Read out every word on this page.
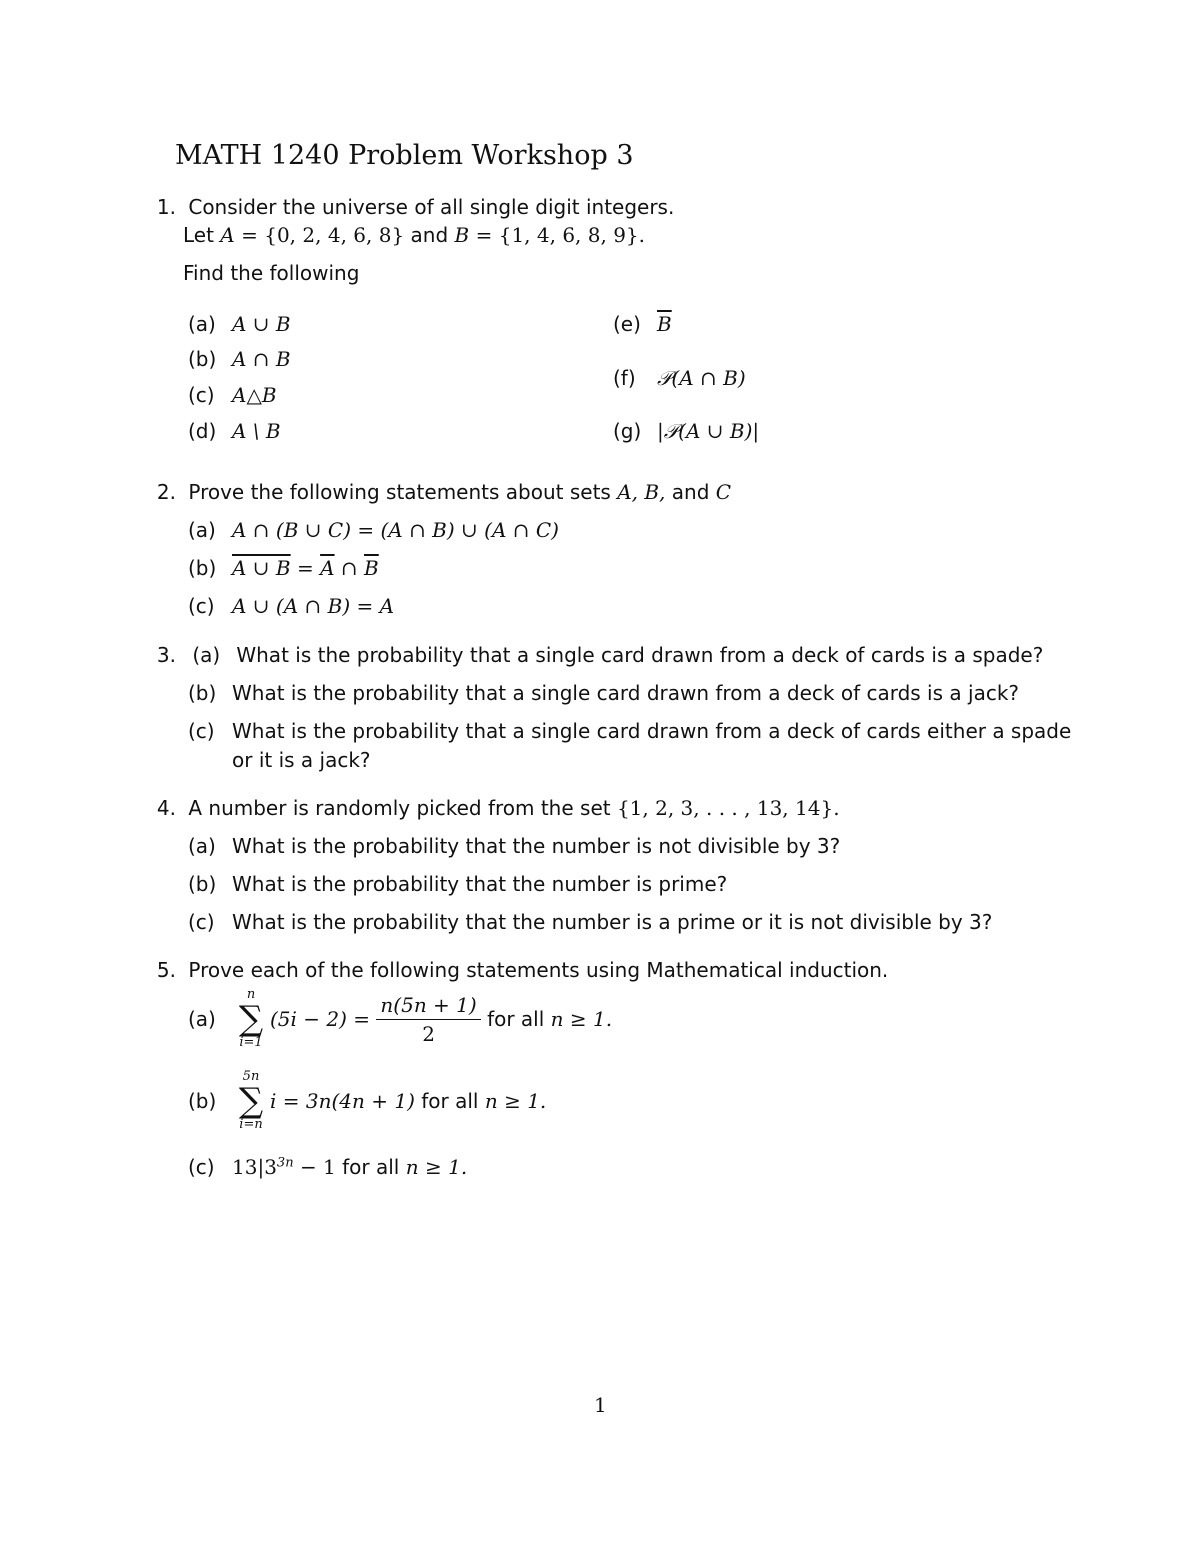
MATH 1240 Problem Workshop 3
1. Consider the universe of all single digit integers.
Let A = {0, 2, 4, 6, 8} and B = {1, 4, 6, 8, 9}.
Find the following
(a) A ∪ B
(b) A ∩ B
(c) A△B
(d) A \ B
(e) $\overline{B}$
(f) 𝒫(A ∩ B)
(g) |𝒫(A ∪ B)|
2. Prove the following statements about sets A, B, and C
(a) A ∩ (B ∪ C) = (A ∩ B) ∪ (A ∩ C)
(b) A ∪ $B = \overline{A}$ ∩ $\overline{B}$
(c) A ∪ (A ∩ B) = A
3. (a) What is the probability that a single card drawn from a deck of cards is a spade?
(b) What is the probability that a single card drawn from a deck of cards is a jack?
(c) What is the probability that a single card drawn from a deck of cards either a spade
or it is a jack?
4. A number is randomly picked from the set {1, 2, 3, . . . , 13, 14}.
(a) What is the probability that the number is not divisible by 3?
(b) What is the probability that the number is prime?
(c) What is the probability that the number is a prime or it is not divisible by 3?
5. Prove each of the following statements using Mathematical induction.
(a)
n
∑
i=1
$(5i - 2) = \frac{n(5n + 1)}{2}$ for all n ≥ 1.
(b)
5n
∑
i=n
i = 3n(4n + 1) for all n ≥ 1.
(c) $13|3^{3n} - 1$ for all n ≥ 1.
1
